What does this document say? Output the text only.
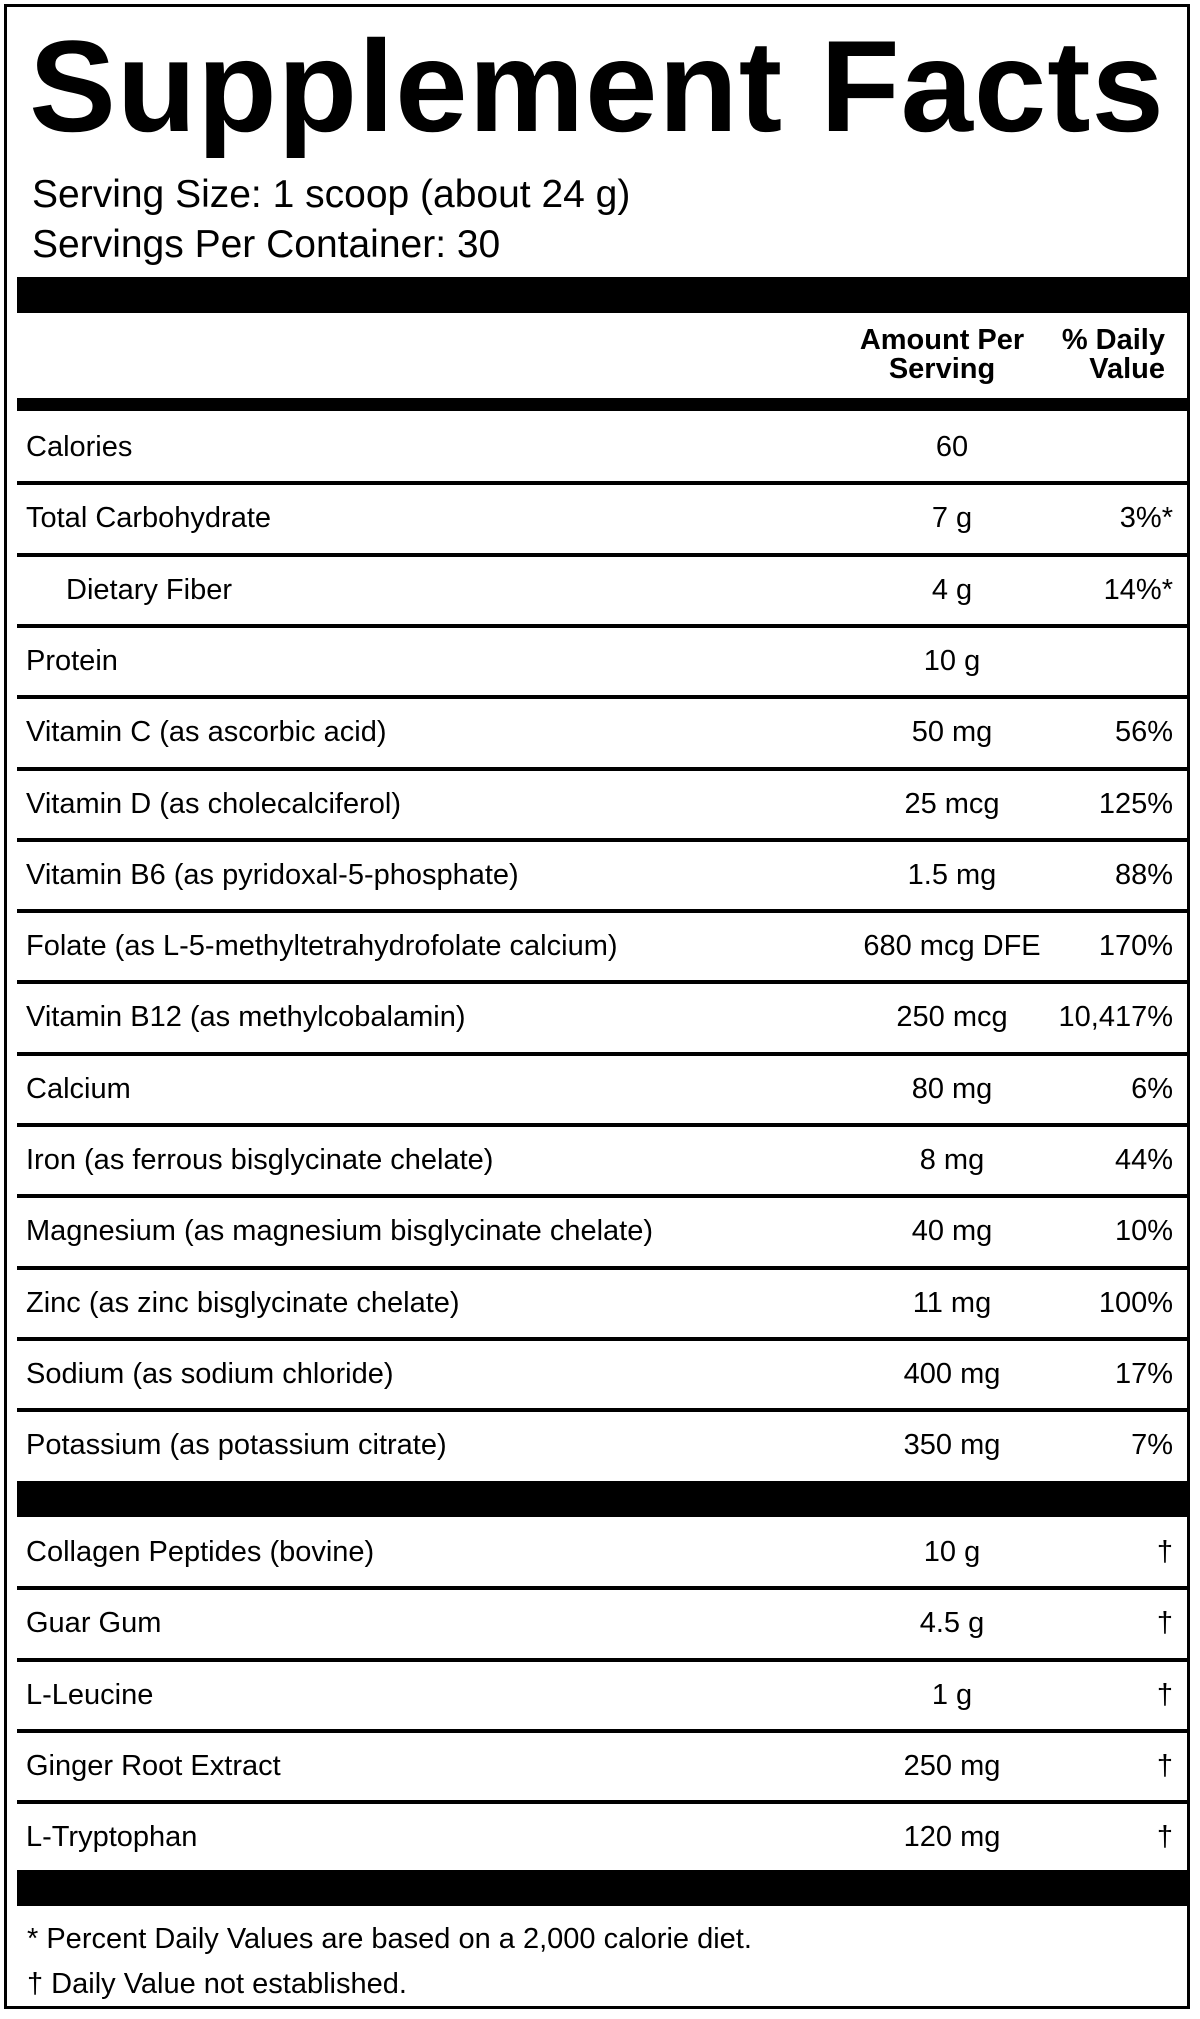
Supplement Facts
Serving Size: 1 scoop (about 24 g)
Servings Per Container: 30
Amount Per
Serving
% Daily
Value
Calories	60
Total Carbohydrate	7 g	3%*
Dietary Fiber	4 g	14%*
Protein	10 g
Vitamin C (as ascorbic acid)	50 mg	56%
Vitamin D (as cholecalciferol)	25 mcg	125%
Vitamin B6 (as pyridoxal-5-phosphate)	1.5 mg	88%
Folate (as L-5-methyltetrahydrofolate calcium)	680 mcg DFE	170%
Vitamin B12 (as methylcobalamin)	250 mcg	10,417%
Calcium	80 mg	6%
Iron (as ferrous bisglycinate chelate)	8 mg	44%
Magnesium (as magnesium bisglycinate chelate)	40 mg	10%
Zinc (as zinc bisglycinate chelate)	11 mg	100%
Sodium (as sodium chloride)	400 mg	17%
Potassium (as potassium citrate)	350 mg	7%
Collagen Peptides (bovine)	10 g	†
Guar Gum	4.5 g	†
L-Leucine	1 g	†
Ginger Root Extract	250 mg	†
L-Tryptophan	120 mg	†
* Percent Daily Values are based on a 2,000 calorie diet.
† Daily Value not established.
